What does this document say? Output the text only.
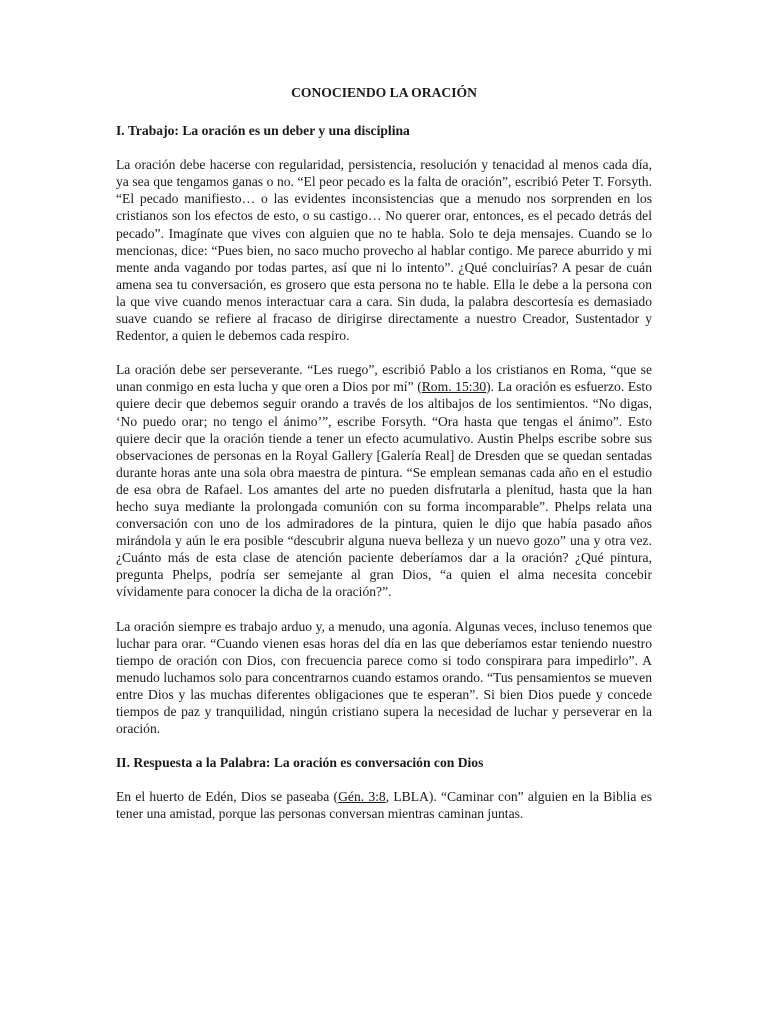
CONOCIENDO LA ORACIÓN
I. Trabajo: La oración es un deber y una disciplina

La oración debe hacerse con regularidad, persistencia, resolución y tenacidad al menos cada día, ya sea que tengamos ganas o no. “El peor pecado es la falta de oración”, escribió Peter T. Forsyth. “El pecado manifiesto… o las evidentes inconsistencias que a menudo nos sorprenden en los cristianos son los efectos de esto, o su castigo… No querer orar, entonces, es el pecado detrás del pecado”. Imagínate que vives con alguien que no te habla. Solo te deja mensajes. Cuando se lo mencionas, dice: “Pues bien, no saco mucho provecho al hablar contigo. Me parece aburrido y mi mente anda vagando por todas partes, así que ni lo intento”. ¿Qué concluirías? A pesar de cuán amena sea tu conversación, es grosero que esta persona no te hable. Ella le debe a la persona con la que vive cuando menos interactuar cara a cara. Sin duda, la palabra descortesía es demasiado suave cuando se refiere al fracaso de dirigirse directamente a nuestro Creador, Sustentador y Redentor, a quien le debemos cada respiro.

La oración debe ser perseverante. “Les ruego”, escribió Pablo a los cristianos en Roma, “que se unan conmigo en esta lucha y que oren a Dios por mí” (Rom. 15:30). La oración es esfuerzo. Esto quiere decir que debemos seguir orando a través de los altibajos de los sentimientos. “No digas, ‘No puedo orar; no tengo el ánimo’”, escribe Forsyth. “Ora hasta que tengas el ánimo”. Esto quiere decir que la oración tiende a tener un efecto acumulativo. Austin Phelps escribe sobre sus observaciones de personas en la Royal Gallery [Galería Real] de Dresden que se quedan sentadas durante horas ante una sola obra maestra de pintura. “Se emplean semanas cada año en el estudio de esa obra de Rafael. Los amantes del arte no pueden disfrutarla a plenitud, hasta que la han hecho suya mediante la prolongada comunión con su forma incomparable”. Phelps relata una conversación con uno de los admiradores de la pintura, quien le dijo que había pasado años mirándola y aún le era posible “descubrir alguna nueva belleza y un nuevo gozo” una y otra vez. ¿Cuánto más de esta clase de atención paciente deberíamos dar a la oración? ¿Qué pintura, pregunta Phelps, podría ser semejante al gran Dios, “a quien el alma necesita concebir vívidamente para conocer la dicha de la oración?”.

La oración siempre es trabajo arduo y, a menudo, una agonía. Algunas veces, incluso tenemos que luchar para orar. “Cuando vienen esas horas del día en las que deberíamos estar teniendo nuestro tiempo de oración con Dios, con frecuencia parece como si todo conspirara para impedirlo”. A menudo luchamos solo para concentrarnos cuando estamos orando. “Tus pensamientos se mueven entre Dios y las muchas diferentes obligaciones que te esperan”. Si bien Dios puede y concede tiempos de paz y tranquilidad, ningún cristiano supera la necesidad de luchar y perseverar en la oración.

II. Respuesta a la Palabra: La oración es conversación con Dios

En el huerto de Edén, Dios se paseaba (Gén. 3:8, LBLA). “Caminar con” alguien en la Biblia es tener una amistad, porque las personas conversan mientras caminan juntas.
